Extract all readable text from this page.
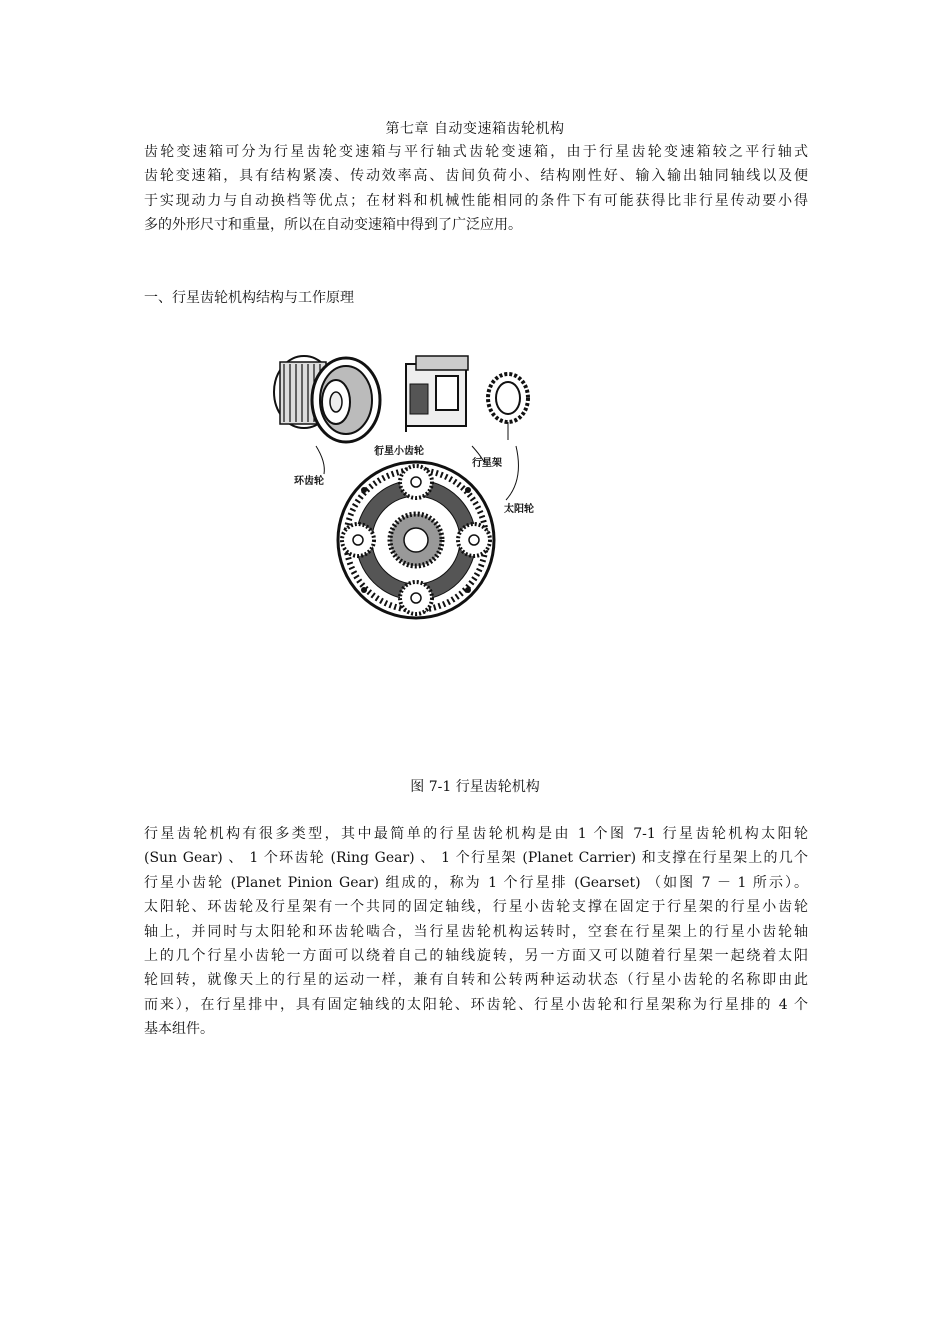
第七章 自动变速箱齿轮机构
齿轮变速箱可分为行星齿轮变速箱与平行轴式齿轮变速箱，由于行星齿轮变速箱较之平行轴式
齿轮变速箱，具有结构紧凑、传动效率高、齿间负荷小、结构刚性好、输入输出轴同轴线以及便
于实现动力与自动换档等优点；在材料和机械性能相同的条件下有可能获得比非行星传动要小得
多的外形尺寸和重量，所以在自动变速箱中得到了广泛应用。
一、行星齿轮机构结构与工作原理
行星小齿轮
行星架
环齿轮
太阳轮
图 7-1 行星齿轮机构
行星齿轮机构有很多类型，其中最简单的行星齿轮机构是由 1 个图 7-1 行星齿轮机构太阳轮
(Sun Gear) 、 1 个环齿轮 (Ring Gear) 、 1 个行星架 (Planet Carrier) 和支撑在行星架上的几个
行星小齿轮 (Planet Pinion Gear) 组成的，称为 1 个行星排 (Gearset) （如图 7 － 1 所示）。
太阳轮、环齿轮及行星架有一个共同的固定轴线，行星小齿轮支撑在固定于行星架的行星小齿轮
轴上，并同时与太阳轮和环齿轮啮合，当行星齿轮机构运转时，空套在行星架上的行星小齿轮轴
上的几个行星小齿轮一方面可以绕着自己的轴线旋转，另一方面又可以随着行星架一起绕着太阳
轮回转，就像天上的行星的运动一样，兼有自转和公转两种运动状态（行星小齿轮的名称即由此
而来），在行星排中，具有固定轴线的太阳轮、环齿轮、行星小齿轮和行星架称为行星排的 4 个
基本组件。
